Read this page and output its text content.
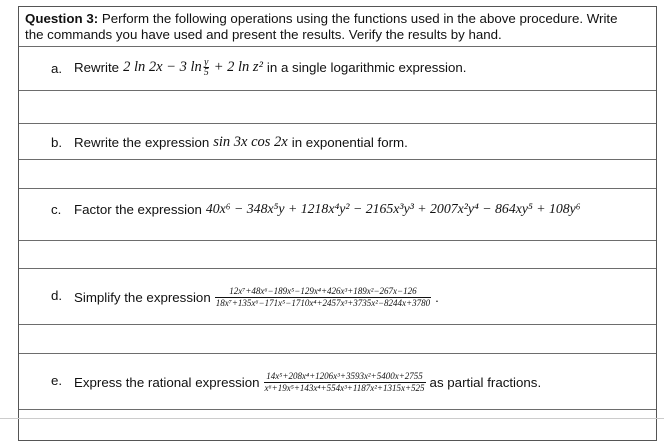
Question 3: Perform the following operations using the functions used in the above procedure. Write
the commands you have used and present the results. Verify the results by hand.
a. Rewrite 2 ln 2x − 3 ln y
5 + 2 ln z² in a single logarithmic expression.
b. Rewrite the expression sin 3x cos 2x in exponential form.
c. Factor the expression 40x⁶ − 348x⁵y + 1218x⁴y² − 2165x³y³ + 2007x²y⁴ − 864xy⁵ + 108y⁶
d. Simplify the expression $\frac{\text{12x⁷+48x⁶−189x⁵−129x⁴+426x³+189x²−267x−126}}{\text{18x⁷+135x⁶−171x⁵−1710x⁴+2457x³+3735x²−8244x+3780}}$ .
e. Express the rational expression $\frac{\text{14x⁵+208x⁴+1206x³+3593x²+5400x+2755}}{\text{x⁶+19x⁵+143x⁴+554x³+1187x²+1315x+525}}$ as partial fractions.
